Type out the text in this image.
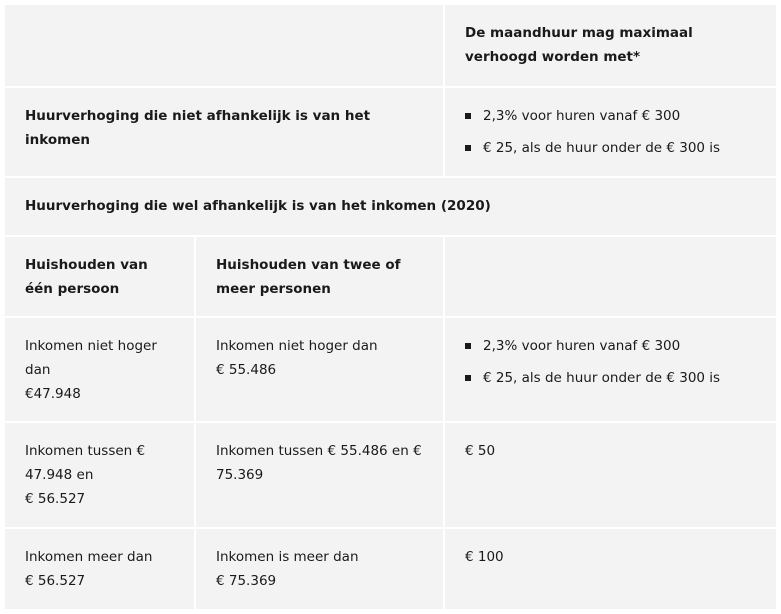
De maandhuur mag maximaal verhoogd worden met*
Huurverhoging die niet afhankelijk is van het inkomen
2,3% voor huren vanaf € 300
€ 25, als de huur onder de € 300 is
Huurverhoging die wel afhankelijk is van het inkomen (2020)
Huishouden van één persoon
Huishouden van twee of meer personen
Inkomen niet hoger
dan
€47.948
Inkomen niet hoger dan
€ 55.486
2,3% voor huren vanaf € 300
€ 25, als de huur onder de € 300 is
Inkomen tussen €
47.948 en
€ 56.527
Inkomen tussen € 55.486 en €
75.369
€ 50
Inkomen meer dan
€ 56.527
Inkomen is meer dan
€ 75.369
€ 100
